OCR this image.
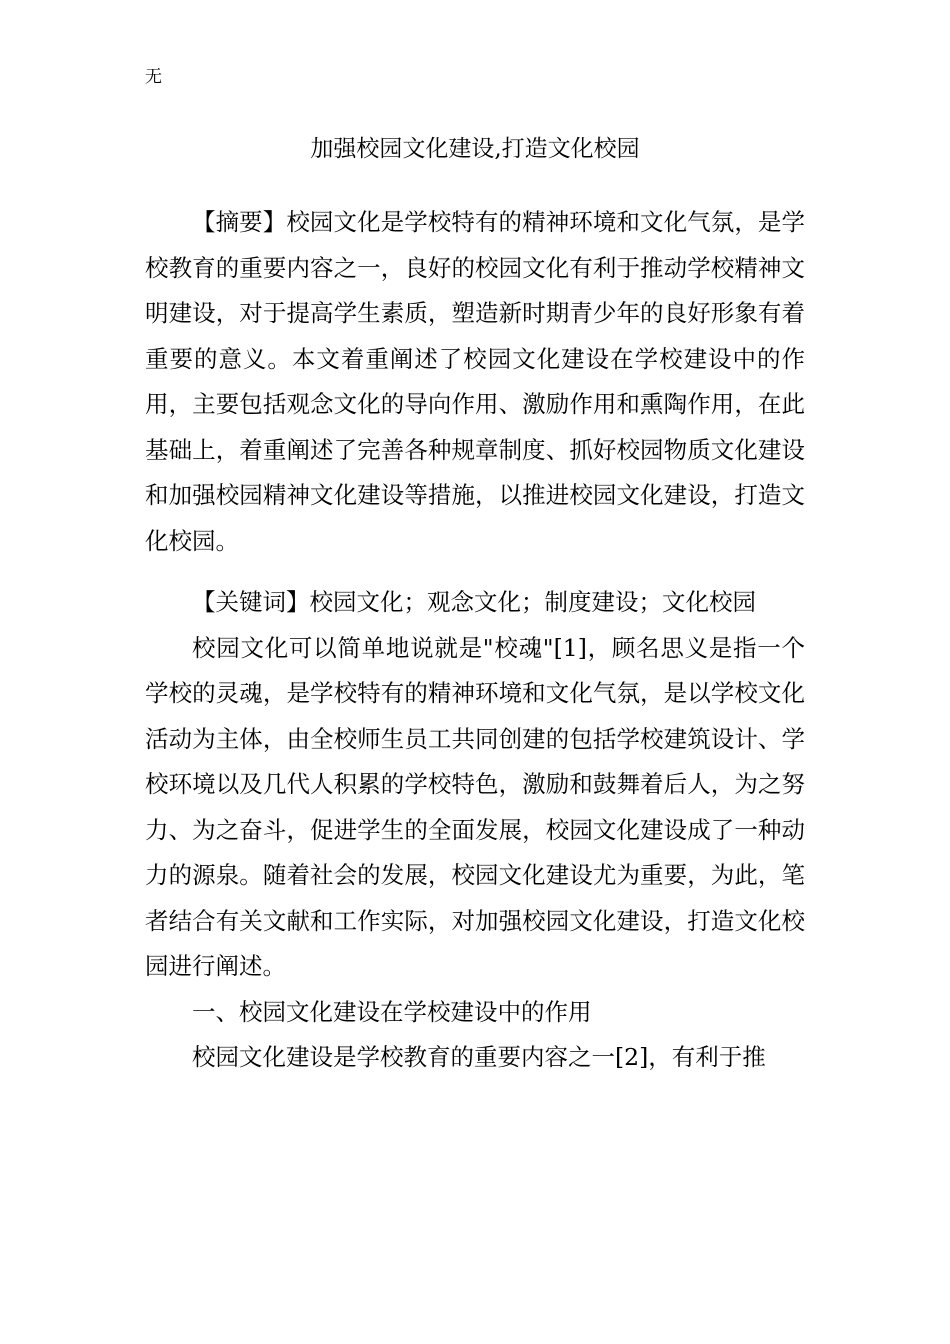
无
加强校园文化建设,打造文化校园

【摘要】校园文化是学校特有的精神环境和文化气氛，是学校教育的重要内容之一，良好的校园文化有利于推动学校精神文明建设，对于提高学生素质，塑造新时期青少年的良好形象有着重要的意义。本文着重阐述了校园文化建设在学校建设中的作用，主要包括观念文化的导向作用、激励作用和熏陶作用，在此基础上，着重阐述了完善各种规章制度、抓好校园物质文化建设和加强校园精神文化建设等措施，以推进校园文化建设，打造文化校园。

【关键词】校园文化；观念文化；制度建设；文化校园

校园文化可以简单地说就是"校魂"[1]，顾名思义是指一个学校的灵魂，是学校特有的精神环境和文化气氛，是以学校文化活动为主体，由全校师生员工共同创建的包括学校建筑设计、学校环境以及几代人积累的学校特色，激励和鼓舞着后人，为之努力、为之奋斗，促进学生的全面发展，校园文化建设成了一种动力的源泉。随着社会的发展，校园文化建设尤为重要，为此，笔者结合有关文献和工作实际，对加强校园文化建设，打造文化校园进行阐述。

一、校园文化建设在学校建设中的作用

校园文化建设是学校教育的重要内容之一[2]，有利于推
